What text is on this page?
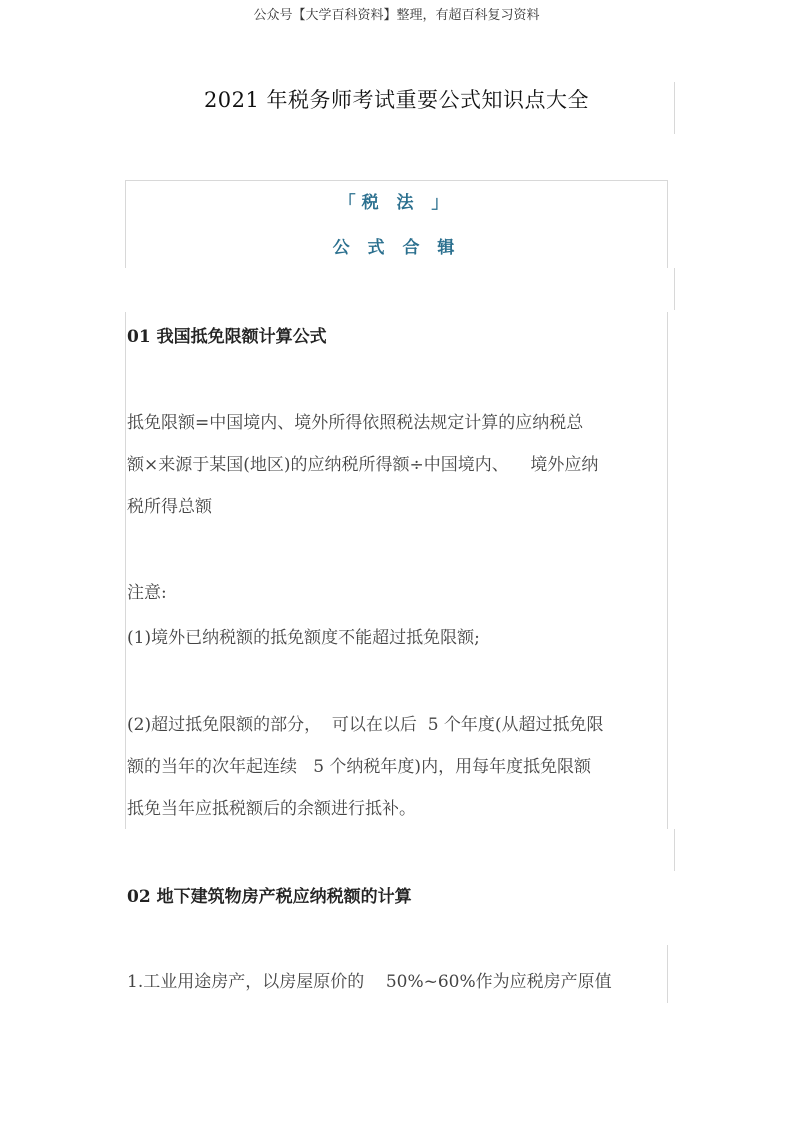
公众号【大学百科资料】整理，有超百科复习资料
2021 年税务师考试重要公式知识点大全
「税 法 」
公 式 合 辑
01 我国抵免限额计算公式
抵免限额=中国境内、境外所得依照税法规定计算的应纳税总
额×来源于某国(地区)的应纳税所得额÷中国境内、    境外应纳
税所得总额
注意:
(1)境外已纳税额的抵免额度不能超过抵免限额;
(2)超过抵免限额的部分，  可以在以后  5 个年度(从超过抵免限
额的当年的次年起连续   5 个纳税年度)内，用每年度抵免限额
抵免当年应抵税额后的余额进行抵补。
02 地下建筑物房产税应纳税额的计算
1.工业用途房产，以房屋原价的    50%~60%作为应税房产原值
